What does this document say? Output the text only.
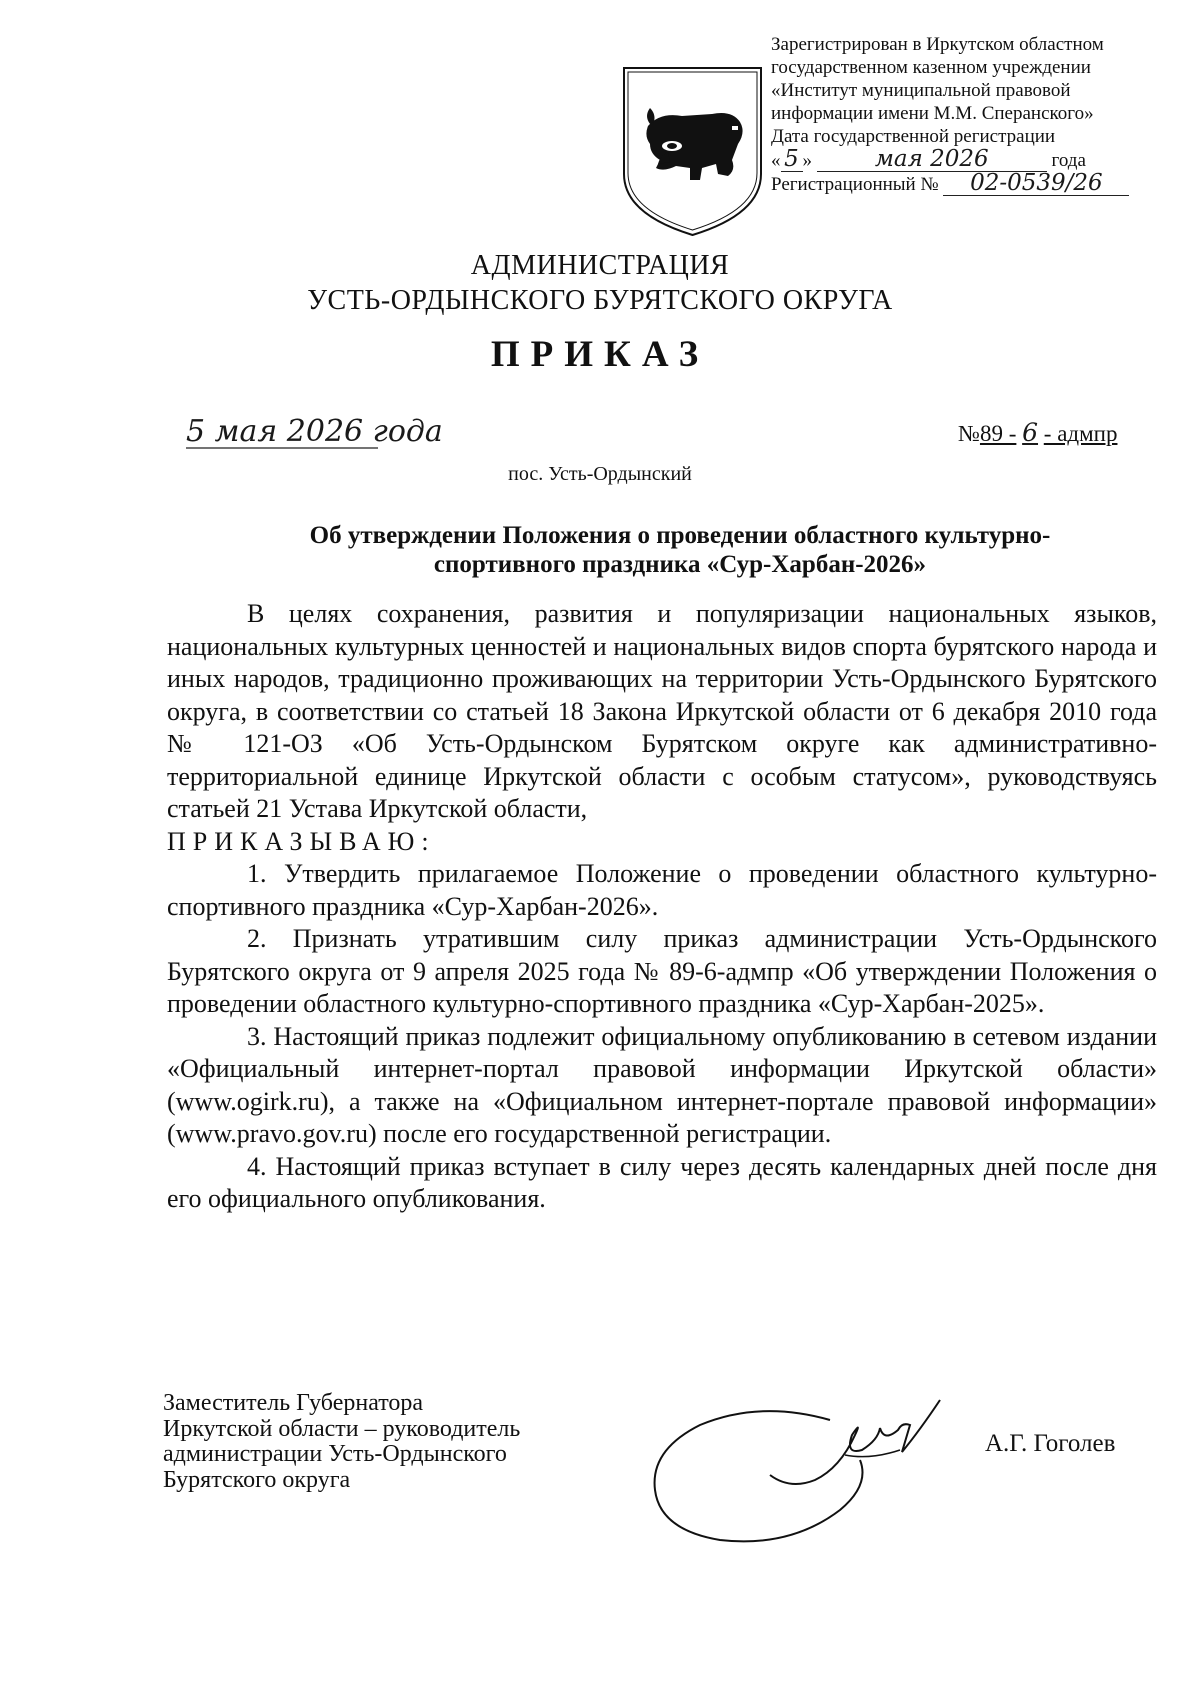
Зарегистрирован в Иркутском областном
государственном казенном учреждении
«Институт муниципальной правовой
информации имени М.М. Сперанского»
Дата государственной регистрации
« 5 »	мая 2026	года
Регистрационный № 02-0539/26
АДМИНИСТРАЦИЯ
УСТЬ-ОРДЫНСКОГО БУРЯТСКОГО ОКРУГА
ПРИКАЗ
5 мая 2026 года	№89 - 6 - адмпр
пос. Усть-Ордынский
Об утверждении Положения о проведении областного культурно-
спортивного праздника «Сур-Харбан-2026»

В целях сохранения, развития и популяризации национальных языков, национальных культурных ценностей и национальных видов спорта бурятского народа и иных народов, традиционно проживающих на территории Усть-Ордынского Бурятского округа, в соответствии со статьей 18 Закона Иркутской области от 6 декабря 2010 года № 121-ОЗ «Об Усть-Ордынском Бурятском округе как административно-территориальной единице Иркутской области с особым статусом», руководствуясь статьей 21 Устава Иркутской области,

ПРИКАЗЫВАЮ:

1. Утвердить прилагаемое Положение о проведении областного культурно-спортивного праздника «Сур-Харбан-2026».

2. Признать утратившим силу приказ администрации Усть-Ордынского Бурятского округа от 9 апреля 2025 года № 89-6-адмпр «Об утверждении Положения о проведении областного культурно-спортивного праздника «Сур-Харбан-2025».

3. Настоящий приказ подлежит официальному опубликованию в сетевом издании «Официальный интернет-портал правовой информации Иркутской области» (www.ogirk.ru), а также на «Официальном интернет-портале правовой информации» (www.pravo.gov.ru) после его государственной регистрации.

4. Настоящий приказ вступает в силу через десять календарных дней после дня его официального опубликования.

Заместитель Губернатора
Иркутской области – руководитель
администрации Усть-Ордынского
Бурятского округа
А.Г. Гоголев
